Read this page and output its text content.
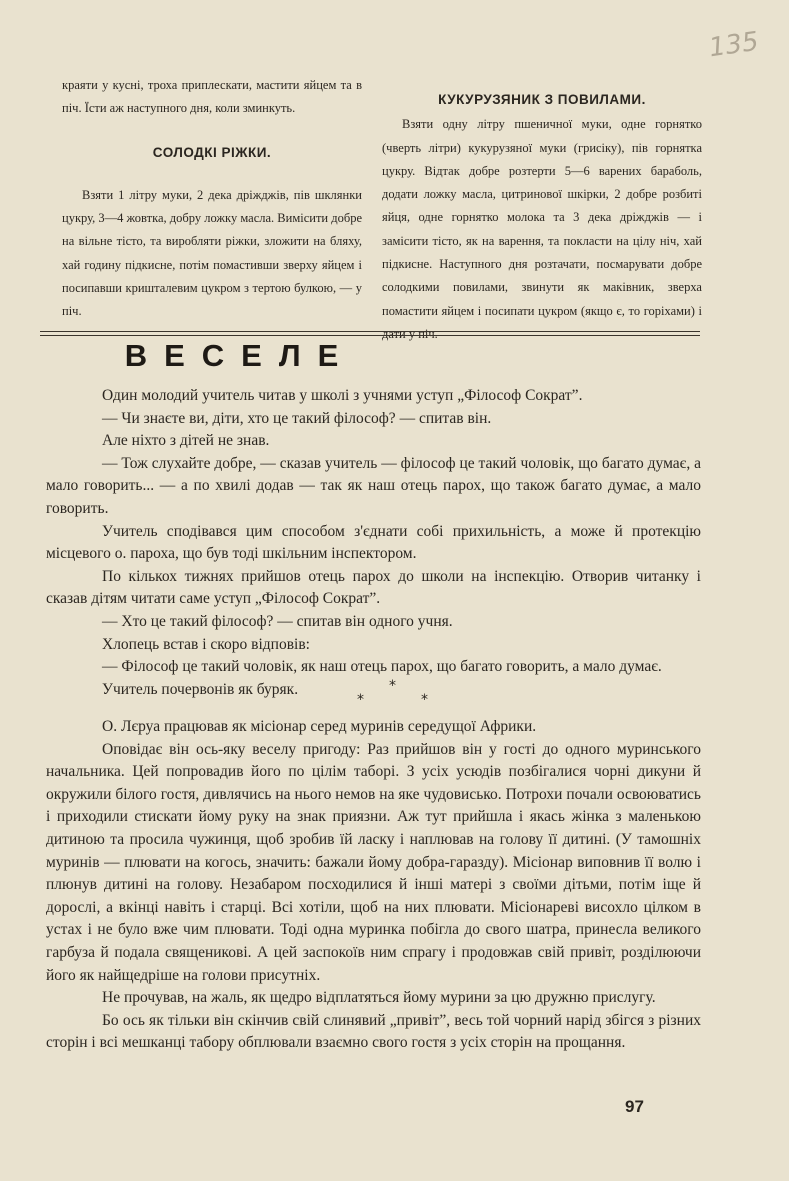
135

краяти у кусні, троха приплескати, мастити яйцем та в піч. Їсти аж наступного дня, коли зминкуть.

СОЛОДКІ РІЖКИ.

Взяти 1 літру муки, 2 дека дріжджів, пів шклянки цукру, 3—4 жовтка, добру ложку масла. Вимісити добре на вільне тісто, та виробляти ріжки, зложити на бляху, хай годину підкисне, потім помастивши зверху яйцем і посипавши кришталевим цукром з тертою булкою, — у піч.

КУКУРУЗЯНИК З ПОВИЛАМИ.

Взяти одну літру пшеничної муки, одне горнятко (чверть літри) кукурузяної муки (грисіку), пів горнятка цукру. Відтак добре розтерти 5—6 варених бараболь, додати ложку масла, цитринової шкірки, 2 добре розбиті яйця, одне горнятко молока та 3 дека дріжджів — і замісити тісто, як на варення, та покласти на цілу ніч, хай підкисне. Наступного дня розтачати, посмарувати добре солодкими повилами, звинути як маківник, зверха помастити яйцем і посипати цукром (якщо є, то горіхами) і дати у піч.

ВЕСЕЛЕ

Один молодий учитель читав у школі з учнями уступ „Філософ Сократ”.

— Чи знаєте ви, діти, хто це такий філософ? — спитав він.

Але ніхто з дітей не знав.

— Тож слухайте добре, — сказав учитель — філософ це такий чоловік, що багато думає, а мало говорить... — а по хвилі додав — так як наш отець парох, що також багато думає, а мало говорить.

Учитель сподівався цим способом з'єднати собі прихильність, а може й протекцію місцевого о. пароха, що був тоді шкільним інспектором.

По кількох тижнях прийшов отець парох до школи на інспекцію. Отворив читанку і сказав дітям читати саме уступ „Філософ Сократ”.

— Хто це такий філософ? — спитав він одного учня.

Хлопець встав і скоро відповів:

— Філософ це такий чоловік, як наш отець парох, що багато говорить, а мало думає.

Учитель почервонів як буряк.

*
*
*

О. Лєруа працював як місіонар серед муринів середущої Африки.

Оповідає він ось-яку веселу пригоду: Раз прийшов він у гості до одного муринського начальника. Цей попровадив його по цілім таборі. З усіх усюдів позбігалися чорні дикуни й окружили білого гостя, дивлячись на нього немов на яке чудовисько. Потрохи почали освоюватись і приходили стискати йому руку на знак приязни. Аж тут прийшла і якась жінка з маленькою дитиною та просила чужинця, щоб зробив їй ласку і наплював на голову її дитині. (У тамошніх муринів — плювати на когось, значить: бажали йому добра-гаразду). Місіонар виповнив її волю і плюнув дитині на голову. Незабаром посходилися й інші матері з своїми дітьми, потім іще й дорослі, а вкінці навіть і старці. Всі хотіли, щоб на них плювати. Місіонареві висохло цілком в устах і не було вже чим плювати. Тоді одна муринка побігла до свого шатра, принесла великого гарбуза й подала священикові. А цей заспокоїв ним спрагу і продовжав свій привіт, розділюючи його як найщедріше на голови присутніх.

Не прочував, на жаль, як щедро відплатяться йому мурини за цю дружню прислугу.

Бо ось як тільки він скінчив свій слинявий „привіт”, весь той чорний нарід збігся з різних сторін і всі мешканці табору обплювали взаємно свого гостя з усіх сторін на прощання.

97
